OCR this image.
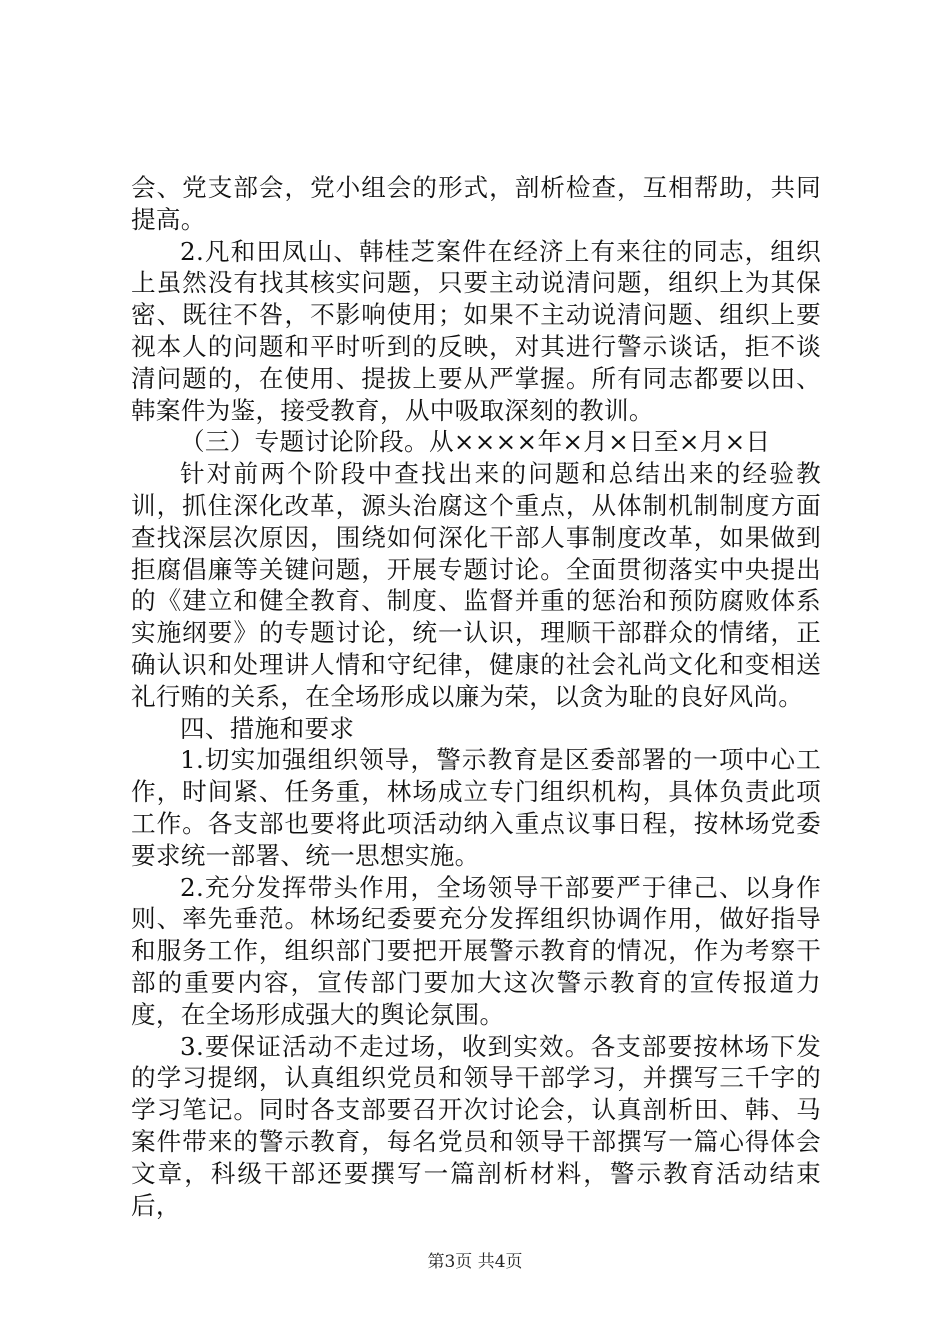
会、党支部会，党小组会的形式，剖析检查，互相帮助，共同提高。

2.凡和田凤山、韩桂芝案件在经济上有来往的同志，组织上虽然没有找其核实问题，只要主动说清问题，组织上为其保密、既往不咎，不影响使用；如果不主动说清问题、组织上要视本人的问题和平时听到的反映，对其进行警示谈话，拒不谈清问题的，在使用、提拔上要从严掌握。所有同志都要以田、韩案件为鉴，接受教育，从中吸取深刻的教训。

（三）专题讨论阶段。从××××年×月×日至×月×日

针对前两个阶段中查找出来的问题和总结出来的经验教训，抓住深化改革，源头治腐这个重点，从体制机制制度方面查找深层次原因，围绕如何深化干部人事制度改革，如果做到拒腐倡廉等关键问题，开展专题讨论。全面贯彻落实中央提出的《建立和健全教育、制度、监督并重的惩治和预防腐败体系实施纲要》的专题讨论，统一认识，理顺干部群众的情绪，正确认识和处理讲人情和守纪律，健康的社会礼尚文化和变相送礼行贿的关系，在全场形成以廉为荣，以贪为耻的良好风尚。

四、措施和要求

1.切实加强组织领导，警示教育是区委部署的一项中心工作，时间紧、任务重，林场成立专门组织机构，具体负责此项工作。各支部也要将此项活动纳入重点议事日程，按林场党委要求统一部署、统一思想实施。

2.充分发挥带头作用，全场领导干部要严于律己、以身作则、率先垂范。林场纪委要充分发挥组织协调作用，做好指导和服务工作，组织部门要把开展警示教育的情况，作为考察干部的重要内容，宣传部门要加大这次警示教育的宣传报道力度，在全场形成强大的舆论氛围。

3.要保证活动不走过场，收到实效。各支部要按林场下发的学习提纲，认真组织党员和领导干部学习，并撰写三千字的学习笔记。同时各支部要召开次讨论会，认真剖析田、韩、马案件带来的警示教育，每名党员和领导干部撰写一篇心得体会文章，科级干部还要撰写一篇剖析材料，警示教育活动结束后，

第3页 共4页
